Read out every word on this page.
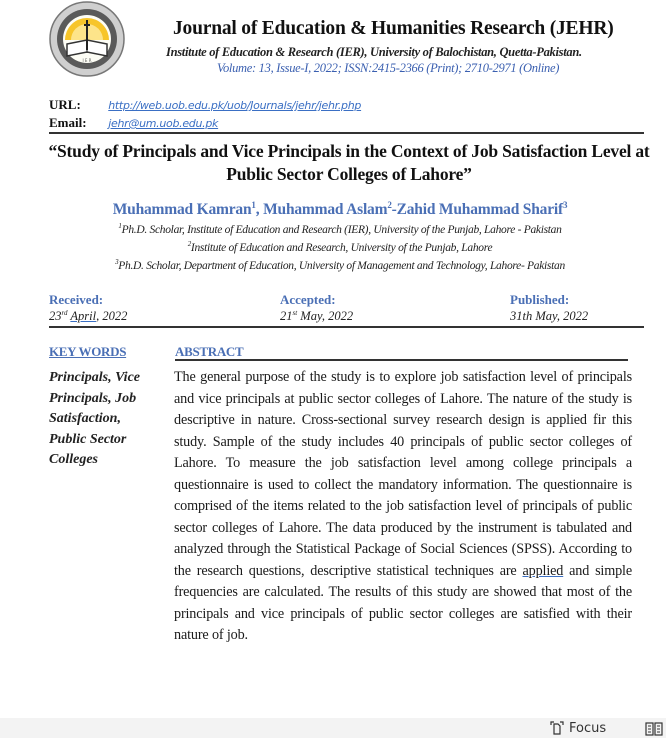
I E R
Journal of Education & Humanities Research (JEHR)
Institute of Education & Research (IER), University of Balochistan, Quetta-Pakistan.
Volume: 13, Issue-I, 2022; ISSN:2415-2366 (Print); 2710-2971 (Online)
URL: http://web.uob.edu.pk/uob/Journals/jehr/jehr.php
Email: jehr@um.uob.edu.pk
“Study of Principals and Vice Principals in the Context of Job Satisfaction Level at Public Sector Colleges of Lahore”
Muhammad Kamran$^1$, Muhammad Aslam$^2$-Zahid Muhammad Sharif$^3$
$^1$Ph.D. Scholar, Institute of Education and Research (IER), University of the Punjab, Lahore - Pakistan
$^2$Institute of Education and Research, University of the Punjab, Lahore
$^3$Ph.D. Scholar, Department of Education, University of Management and Technology, Lahore- Pakistan
Received:
23rd April, 2022
Accepted:
21st May, 2022
Published:
31th May, 2022
KEY WORDS
Principals, Vice Principals, Job Satisfaction, Public Sector Colleges
ABSTRACT
The general purpose of the study is to explore job satisfaction level of principals and vice principals at public sector colleges of Lahore. The nature of the study is descriptive in nature. Cross-sectional survey research design is applied fir this study. Sample of the study includes 40 principals of public sector colleges of Lahore. To measure the job satisfaction level among college principals a questionnaire is used to collect the mandatory information. The questionnaire is comprised of the items related to the job satisfaction level of principals of public sector colleges of Lahore. The data produced by the instrument is tabulated and analyzed through the Statistical Package of Social Sciences (SPSS). According to the research questions, descriptive statistical techniques are applied and simple frequencies are calculated. The results of this study are showed that most of the principals and vice principals of public sector colleges are satisfied with their nature of job.
Focus
